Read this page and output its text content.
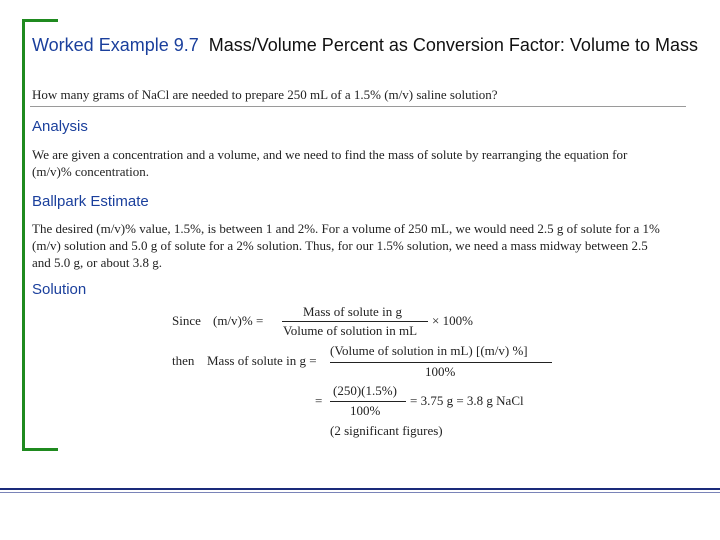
Worked Example 9.7 Mass/Volume Percent as Conversion Factor: Volume to Mass
How many grams of NaCl are needed to prepare 250 mL of a 1.5% (m/v) saline solution?
Analysis
We are given a concentration and a volume, and we need to find the mass of solute by rearranging the equation for (m/v)% concentration.
Ballpark Estimate
The desired (m/v)% value, 1.5%, is between 1 and 2%. For a volume of 250 mL, we would need 2.5 g of solute for a 1% (m/v) solution and 5.0 g of solute for a 2% solution. Thus, for our 1.5% solution, we need a mass midway between 2.5 and 5.0 g, or about 3.8 g.
Solution
Since (m/v)% =
Mass of solute in g
Volume of solution in mL
× 100%
then Mass of solute in g =
(Volume of solution in mL) [(m/v) %]
100%
=
(250)(1.5%)
100%
= 3.75 g = 3.8 g NaCl
(2 significant figures)
